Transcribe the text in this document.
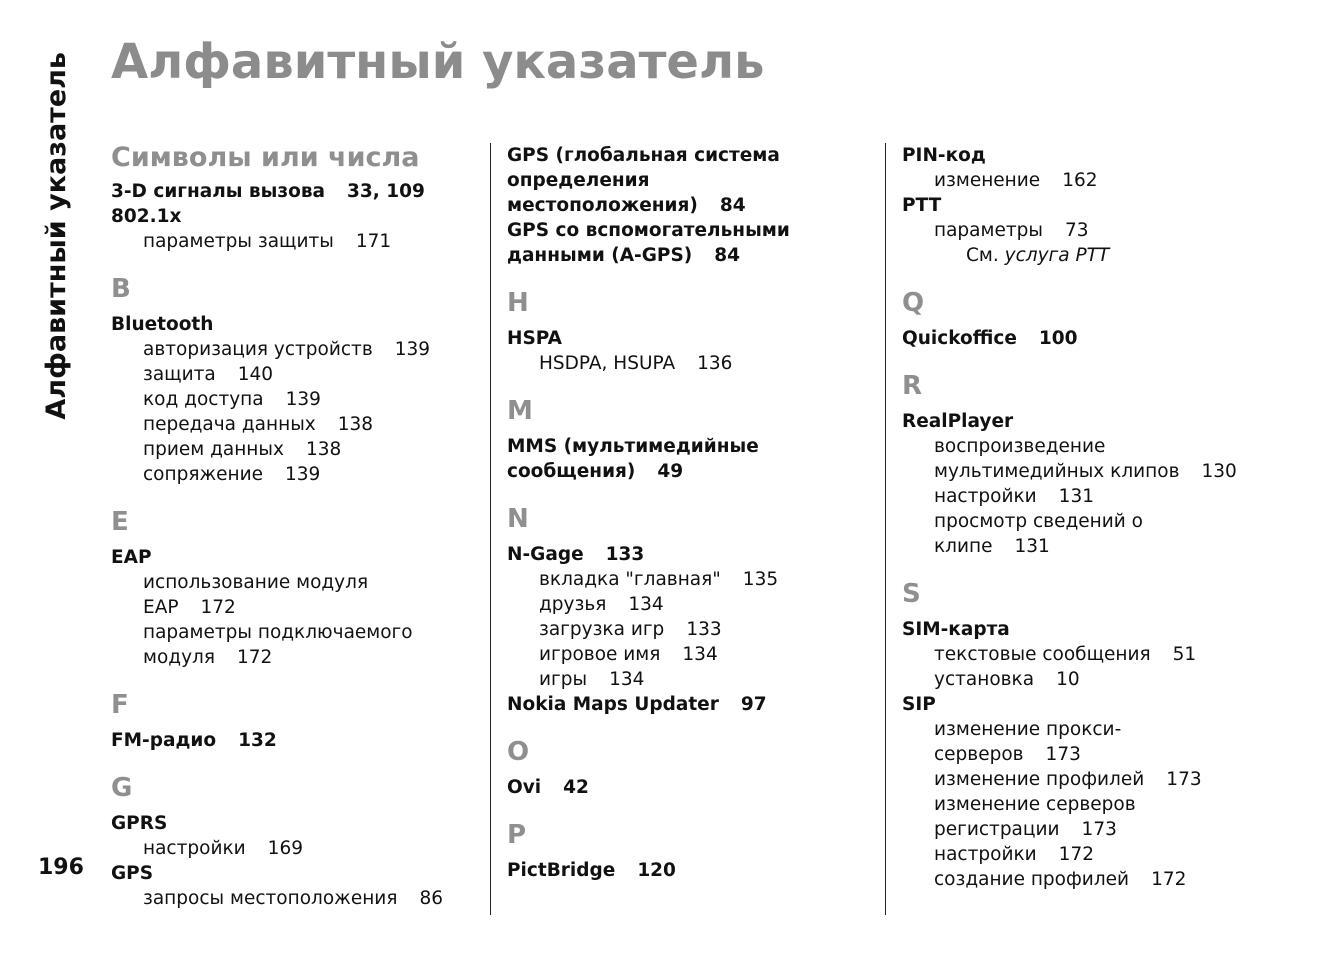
Алфавитный указатель Алфавитный указатель
196
Символы или числа
3-D сигналы вызова 33, 109
802.1x
параметры защиты 171
B
Bluetooth
авторизация устройств 139
защита 140
код доступа 139
передача данных 138
прием данных 138
сопряжение 139
E
EAP
использование модуля
EAP 172
параметры подключаемого
модуля 172
F
FM-радио 132
G
GPRS
настройки 169
GPS
запросы местоположения 86
GPS (глобальная система
определения
местоположения) 84
GPS со вспомогательными
данными (A-GPS) 84
H
HSPA
HSDPA, HSUPA 136
M
MMS (мультимедийные
сообщения) 49
N
N-Gage 133
вкладка "главная" 135
друзья 134
загрузка игр 133
игровое имя 134
игры 134
Nokia Maps Updater 97
O
Ovi 42
P
PictBridge 120
PIN-код
изменение 162
PTT
параметры 73
См. услуга PTT
Q
Quickoffice 100
R
RealPlayer
воспроизведение
мультимедийных клипов 130
настройки 131
просмотр сведений о
клипе 131
S
SIM-карта
текстовые сообщения 51
установка 10
SIP
изменение прокси-
серверов 173
изменение профилей 173
изменение серверов
регистрации 173
настройки 172
создание профилей 172
